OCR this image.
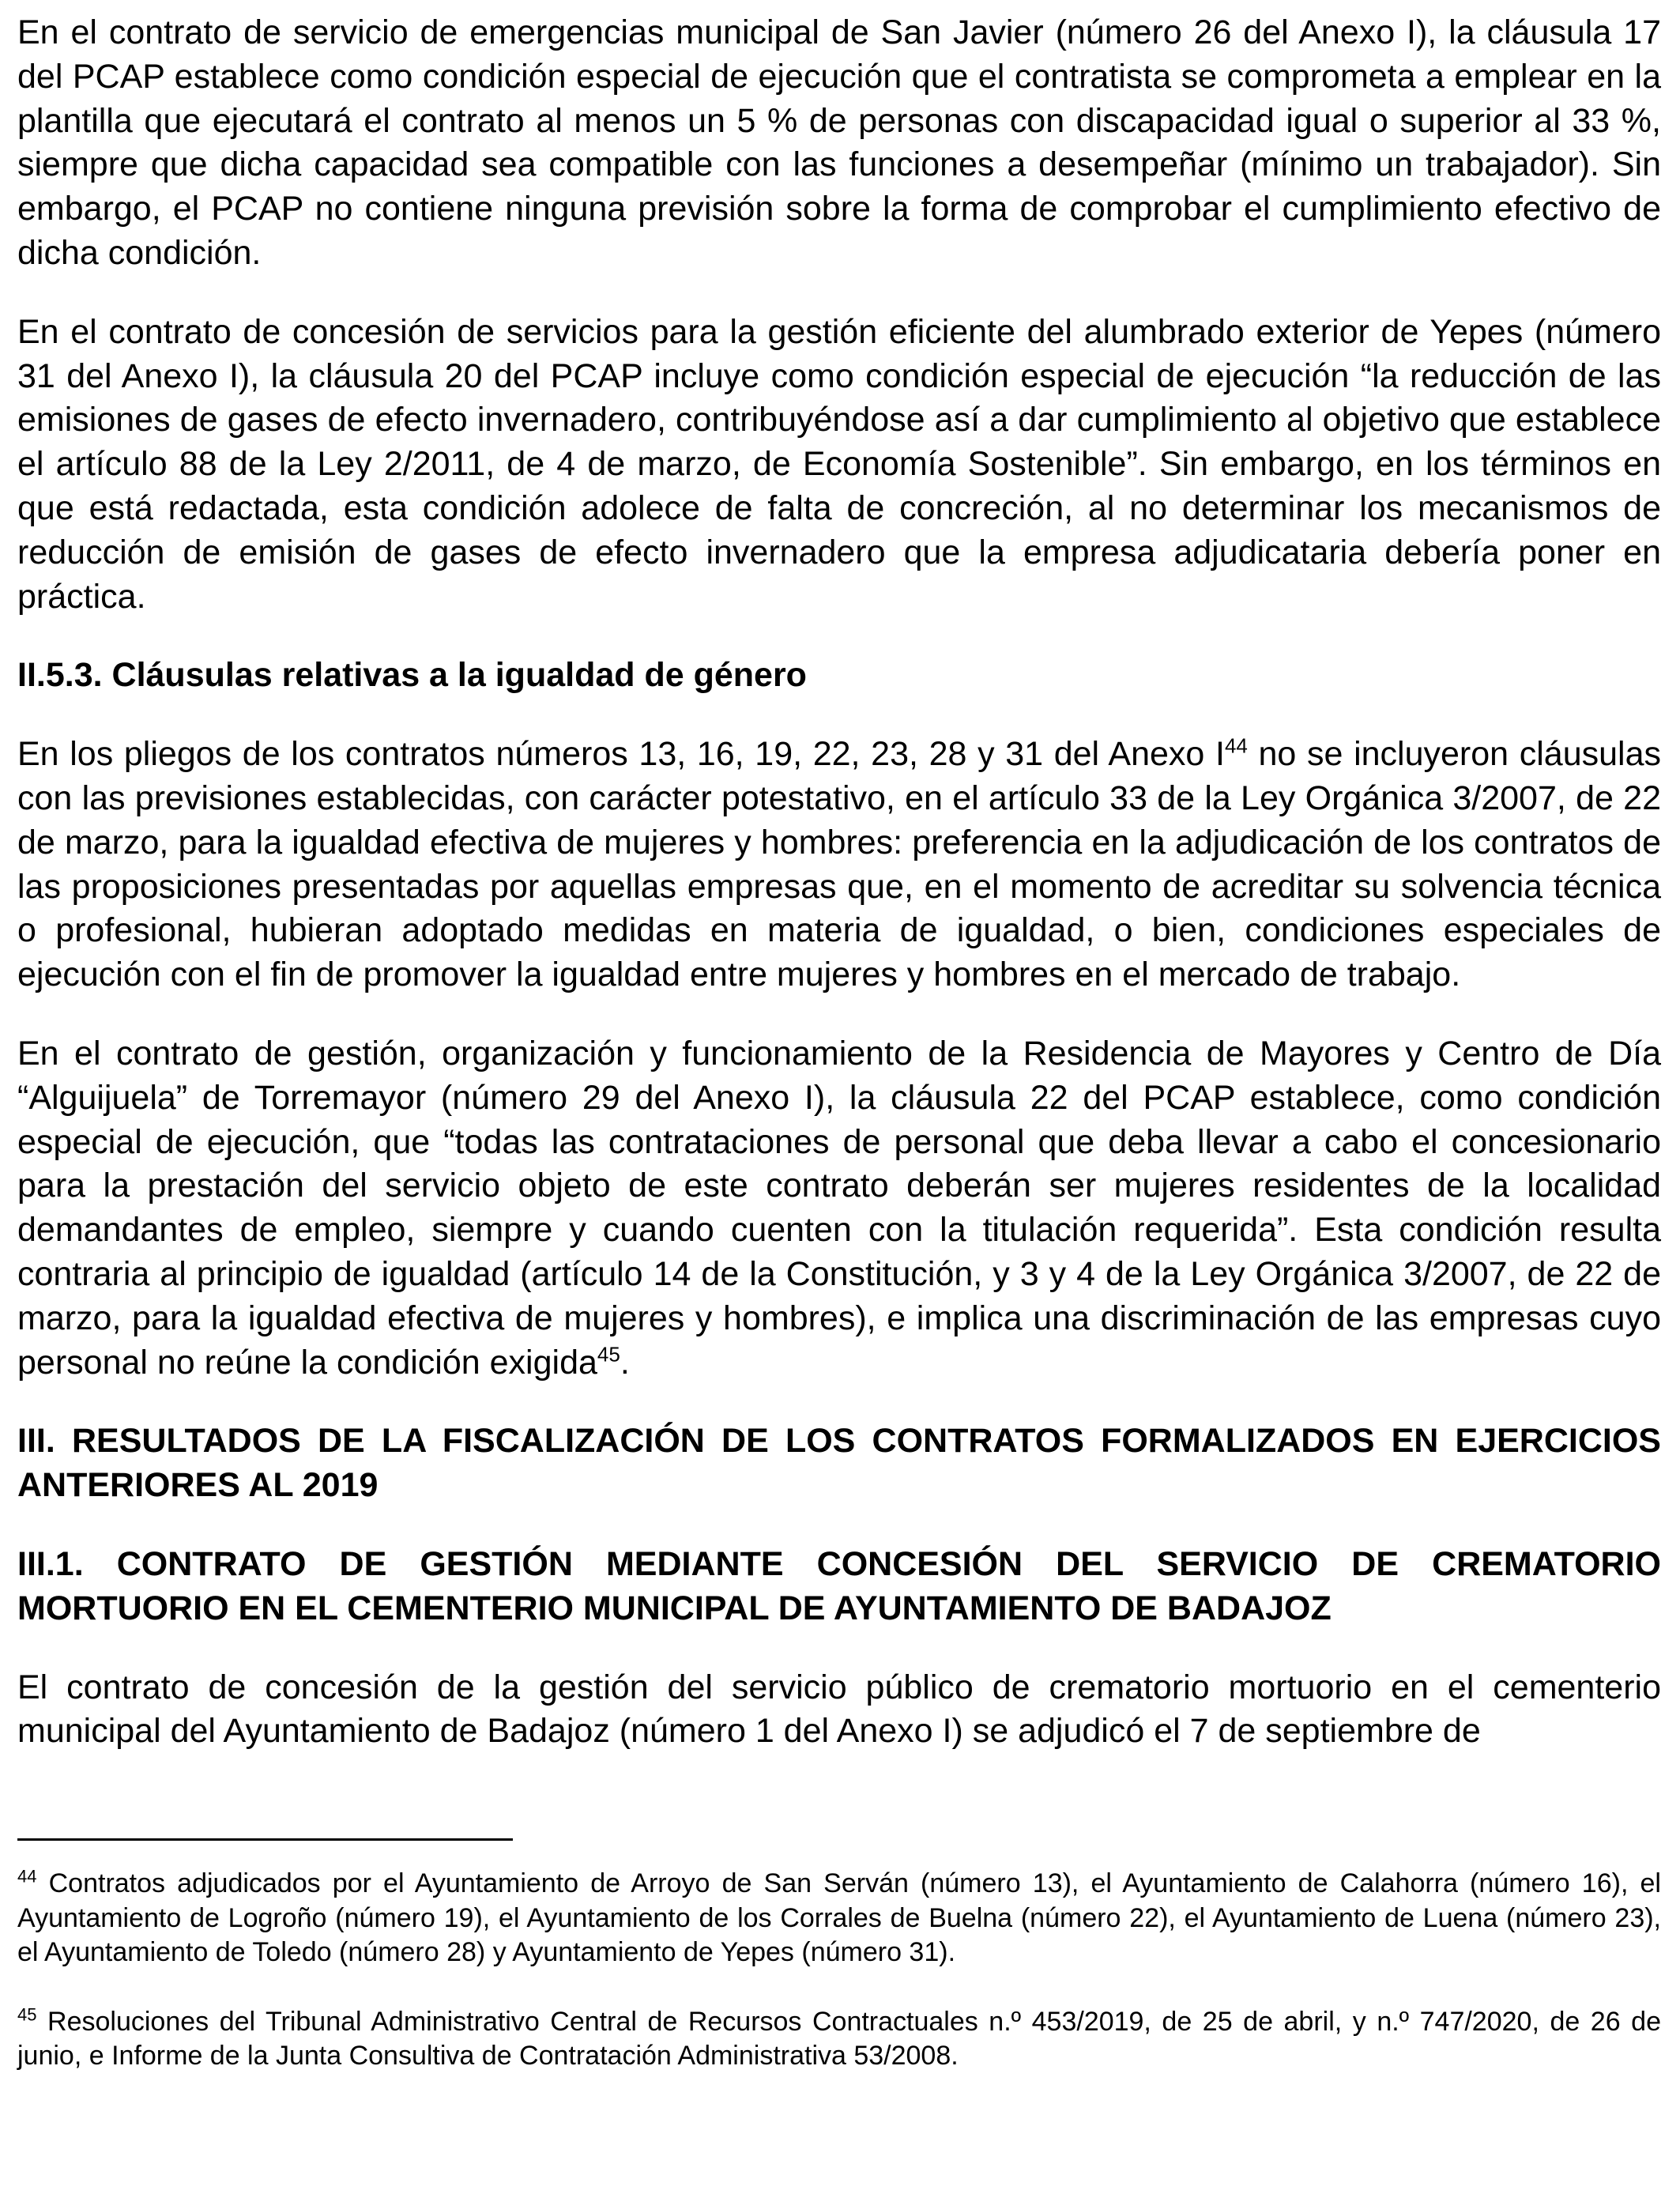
En el contrato de servicio de emergencias municipal de San Javier (número 26 del Anexo I), la cláusula 17 del PCAP establece como condición especial de ejecución que el contratista se comprometa a emplear en la plantilla que ejecutará el contrato al menos un 5 % de personas con discapacidad igual o superior al 33 %, siempre que dicha capacidad sea compatible con las funciones a desempeñar (mínimo un trabajador). Sin embargo, el PCAP no contiene ninguna previsión sobre la forma de comprobar el cumplimiento efectivo de dicha condición.

En el contrato de concesión de servicios para la gestión eficiente del alumbrado exterior de Yepes (número 31 del Anexo I), la cláusula 20 del PCAP incluye como condición especial de ejecución “la reducción de las emisiones de gases de efecto invernadero, contribuyéndose así a dar cumplimiento al objetivo que establece el artículo 88 de la Ley 2/2011, de 4 de marzo, de Economía Sostenible”. Sin embargo, en los términos en que está redactada, esta condición adolece de falta de concreción, al no determinar los mecanismos de reducción de emisión de gases de efecto invernadero que la empresa adjudicataria debería poner en práctica.

II.5.3. Cláusulas relativas a la igualdad de género

En los pliegos de los contratos números 13, 16, 19, 22, 23, 28 y 31 del Anexo $I^{44}$ no se incluyeron cláusulas con las previsiones establecidas, con carácter potestativo, en el artículo 33 de la Ley Orgánica 3/2007, de 22 de marzo, para la igualdad efectiva de mujeres y hombres: preferencia en la adjudicación de los contratos de las proposiciones presentadas por aquellas empresas que, en el momento de acreditar su solvencia técnica o profesional, hubieran adoptado medidas en materia de igualdad, o bien, condiciones especiales de ejecución con el fin de promover la igualdad entre mujeres y hombres en el mercado de trabajo.

En el contrato de gestión, organización y funcionamiento de la Residencia de Mayores y Centro de Día “Alguijuela” de Torremayor (número 29 del Anexo I), la cláusula 22 del PCAP establece, como condición especial de ejecución, que “todas las contrataciones de personal que deba llevar a cabo el concesionario para la prestación del servicio objeto de este contrato deberán ser mujeres residentes de la localidad demandantes de empleo, siempre y cuando cuenten con la titulación requerida”. Esta condición resulta contraria al principio de igualdad (artículo 14 de la Constitución, y 3 y 4 de la Ley Orgánica 3/2007, de 22 de marzo, para la igualdad efectiva de mujeres y hombres), e implica una discriminación de las empresas cuyo personal no reúne la condición exigida$^{45}$.

III. RESULTADOS DE LA FISCALIZACIÓN DE LOS CONTRATOS FORMALIZADOS EN EJERCICIOS ANTERIORES AL 2019

III.1. CONTRATO DE GESTIÓN MEDIANTE CONCESIÓN DEL SERVICIO DE CREMATORIO MORTUORIO EN EL CEMENTERIO MUNICIPAL DE AYUNTAMIENTO DE BADAJOZ

El contrato de concesión de la gestión del servicio público de crematorio mortuorio en el cementerio municipal del Ayuntamiento de Badajoz (número 1 del Anexo I) se adjudicó el 7 de septiembre de

$^{44}$ Contratos adjudicados por el Ayuntamiento de Arroyo de San Serván (número 13), el Ayuntamiento de Calahorra (número 16), el Ayuntamiento de Logroño (número 19), el Ayuntamiento de los Corrales de Buelna (número 22), el Ayuntamiento de Luena (número 23), el Ayuntamiento de Toledo (número 28) y Ayuntamiento de Yepes (número 31).

$^{45}$ Resoluciones del Tribunal Administrativo Central de Recursos Contractuales n.º 453/2019, de 25 de abril, y n.º 747/2020, de 26 de junio, e Informe de la Junta Consultiva de Contratación Administrativa 53/2008.
